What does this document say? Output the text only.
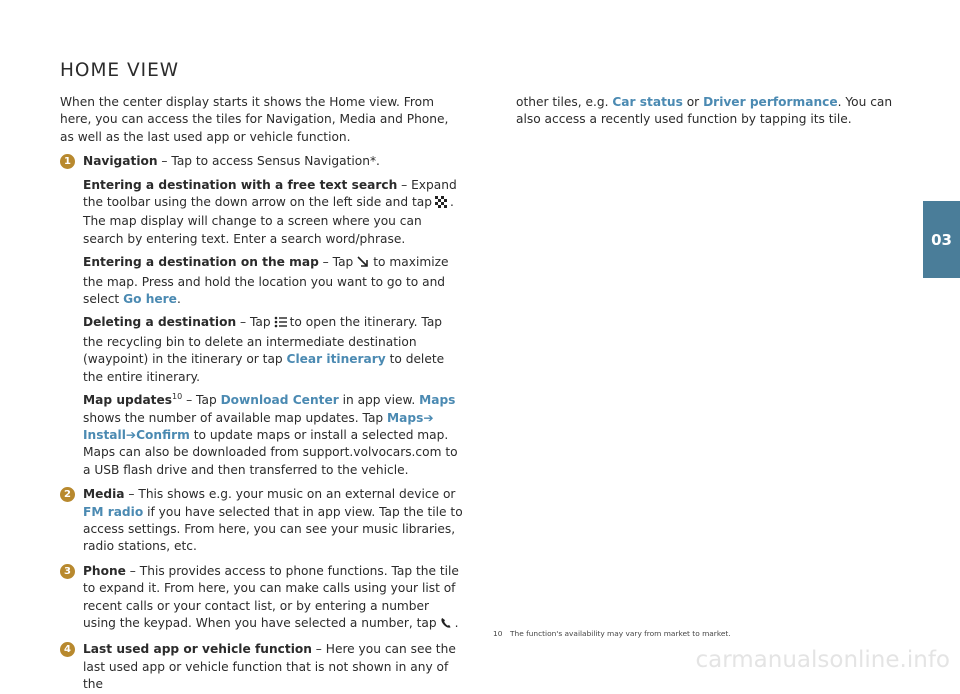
HOME VIEW

When the center display starts it shows the Home view. From here, you can access the tiles for Navigation, Media and Phone, as well as the last used app or vehicle function.

1 Navigation – Tap to access Sensus Navigation*.

Entering a destination with a free text search – Expand the toolbar using the down arrow on the left side and tap . The map display will change to a screen where you can search by entering text. Enter a search word/phrase.

Entering a destination on the map – Tap to maximize the map. Press and hold the location you want to go to and select Go here.

Deleting a destination – Tap to open the itinerary. Tap the recycling bin to delete an intermediate destination (waypoint) in the itinerary or tap Clear itinerary to delete the entire itinerary.

Map updates$^{10}$ – Tap Download Center in app view. Maps shows the number of available map updates. Tap Maps➔ Install➔Confirm to update maps or install a selected map. Maps can also be downloaded from support.volvocars.com to a USB flash drive and then transferred to the vehicle.

2 Media – This shows e.g. your music on an external device or FM radio if you have selected that in app view. Tap the tile to access settings. From here, you can see your music libraries, radio stations, etc.

3 Phone – This provides access to phone functions. Tap the tile to expand it. From here, you can make calls using your list of recent calls or your contact list, or by entering a number using the keypad. When you have selected a number, tap .

4 Last used app or vehicle function – Here you can see the last used app or vehicle function that is not shown in any of the

other tiles, e.g. Car status or Driver performance. You can also access a recently used function by tapping its tile.

10 The function's availability may vary from market to market.
03
carmanualsonline.info
